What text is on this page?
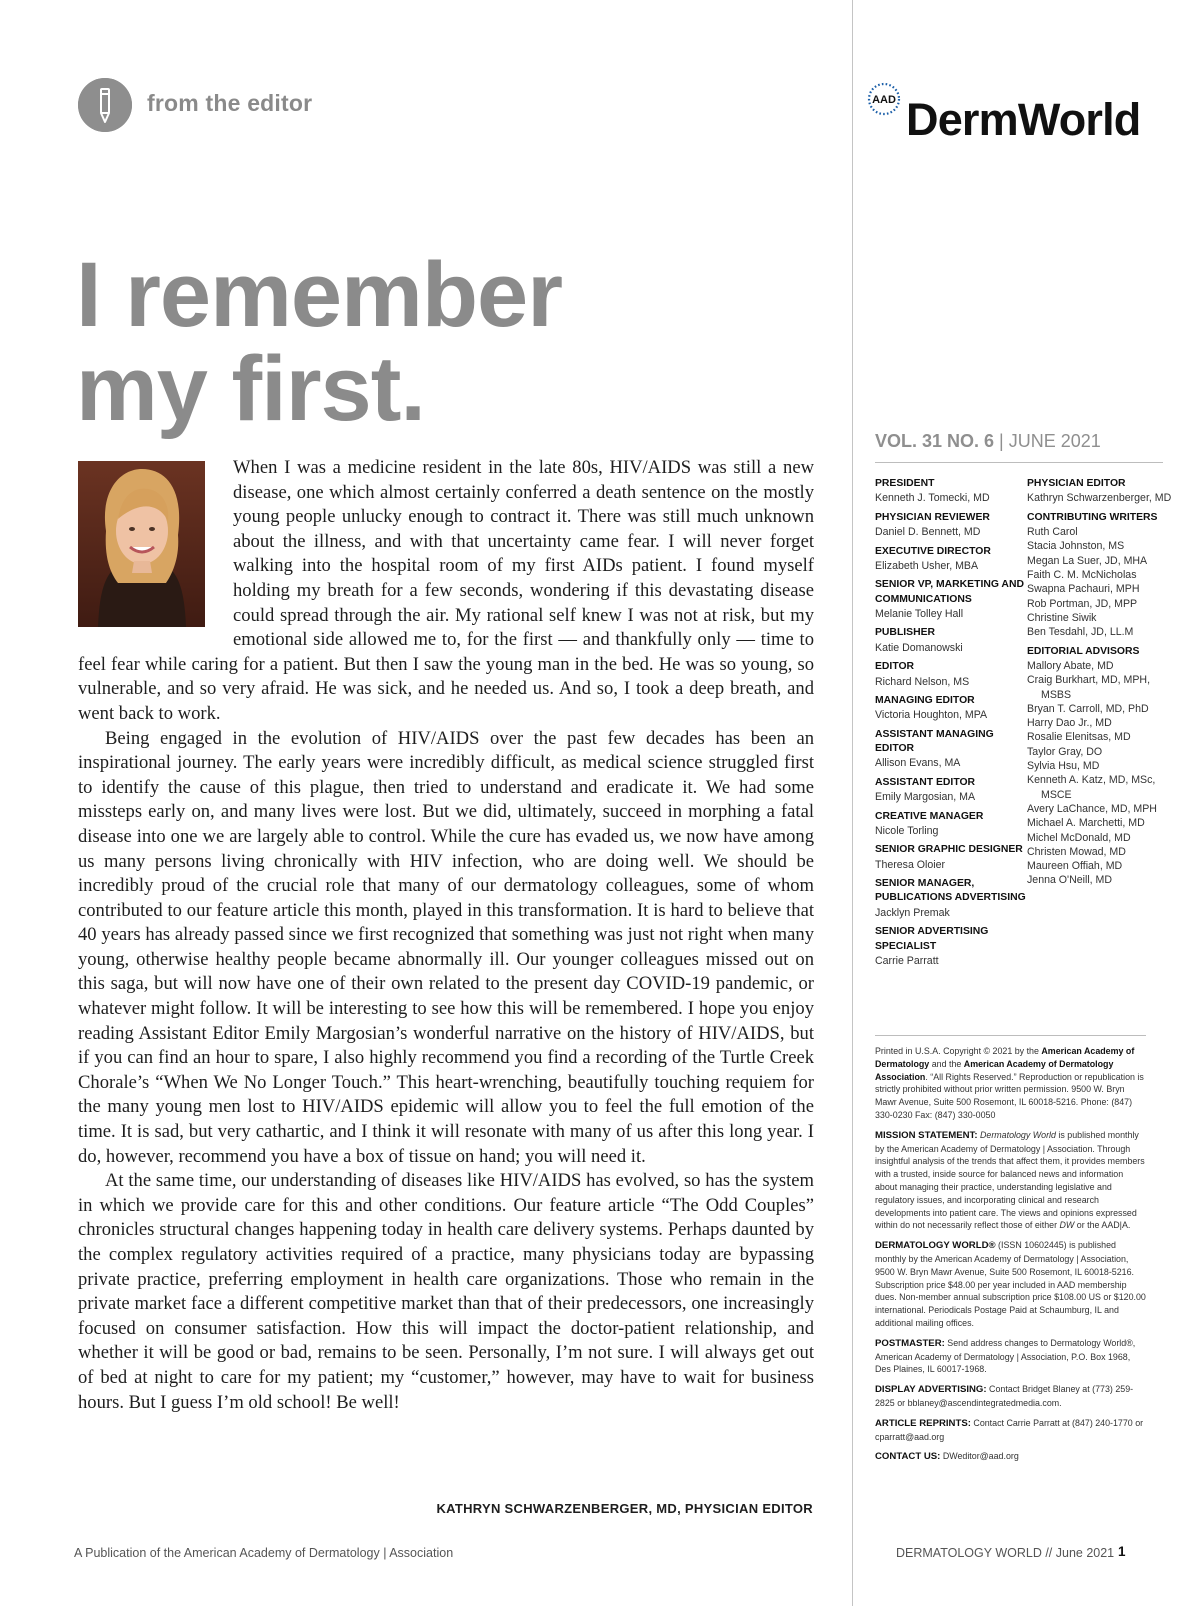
from the editor
I remember
my first.

When I was a medicine resident in the late 80s, HIV/AIDS was still a new disease, one which almost certainly conferred a death sentence on the mostly young people unlucky enough to contract it. There was still much unknown about the illness, and with that uncertainty came fear. I will never forget walking into the hospital room of my first AIDs patient. I found myself holding my breath for a few seconds, wondering if this devastating disease could spread through the air. My rational self knew I was not at risk, but my emotional side allowed me to, for the first — and thankfully only — time to feel fear while caring for a patient. But then I saw the young man in the bed. He was so young, so vulnerable, and so very afraid. He was sick, and he needed us. And so, I took a deep breath, and went back to work.

Being engaged in the evolution of HIV/AIDS over the past few decades has been an inspirational journey. The early years were incredibly difficult, as medical science struggled first to identify the cause of this plague, then tried to understand and eradicate it. We had some missteps early on, and many lives were lost. But we did, ultimately, succeed in morphing a fatal disease into one we are largely able to control. While the cure has evaded us, we now have among us many persons living chronically with HIV infection, who are doing well. We should be incredibly proud of the crucial role that many of our dermatology colleagues, some of whom contributed to our feature article this month, played in this transformation. It is hard to believe that 40 years has already passed since we first recognized that something was just not right when many young, otherwise healthy people became abnormally ill. Our younger colleagues missed out on this saga, but will now have one of their own related to the present day COVID-19 pandemic, or whatever might follow. It will be interesting to see how this will be remembered. I hope you enjoy reading Assistant Editor Emily Margosian’s wonderful narrative on the history of HIV/AIDS, but if you can find an hour to spare, I also highly recommend you find a recording of the Turtle Creek Chorale’s “When We No Longer Touch.” This heart-wrenching, beautifully touching requiem for the many young men lost to HIV/AIDS epidemic will allow you to feel the full emotion of the time. It is sad, but very cathartic, and I think it will resonate with many of us after this long year. I do, however, recommend you have a box of tissue on hand; you will need it.

At the same time, our understanding of diseases like HIV/AIDS has evolved, so has the system in which we provide care for this and other conditions. Our feature article “The Odd Couples” chronicles structural changes happening today in health care delivery systems. Perhaps daunted by the complex regulatory activities required of a practice, many physicians today are bypassing private practice, preferring employment in health care organizations. Those who remain in the private market face a different competitive market than that of their predecessors, one increasingly focused on consumer satisfaction. How this will impact the doctor-patient relationship, and whether it will be good or bad, remains to be seen. Personally, I’m not sure. I will always get out of bed at night to care for my patient; my “customer,” however, may have to wait for business hours. But I guess I’m old school! Be well!

KATHRYN SCHWARZENBERGER, MD, PHYSICIAN EDITOR
A Publication of the American Academy of Dermatology | Association
AAD DermWorld
VOL. 31 NO. 6 | JUNE 2021
PRESIDENT
Kenneth J. Tomecki, MD
PHYSICIAN REVIEWER
Daniel D. Bennett, MD
EXECUTIVE DIRECTOR
Elizabeth Usher, MBA
SENIOR VP, MARKETING AND COMMUNICATIONS
Melanie Tolley Hall
PUBLISHER
Katie Domanowski
EDITOR
Richard Nelson, MS
MANAGING EDITOR
Victoria Houghton, MPA
ASSISTANT MANAGING EDITOR
Allison Evans, MA
ASSISTANT EDITOR
Emily Margosian, MA
CREATIVE MANAGER
Nicole Torling
SENIOR GRAPHIC DESIGNER
Theresa Oloier
SENIOR MANAGER, PUBLICATIONS ADVERTISING
Jacklyn Premak
SENIOR ADVERTISING SPECIALIST
Carrie Parratt
PHYSICIAN EDITOR
Kathryn Schwarzenberger, MD
CONTRIBUTING WRITERS
Ruth Carol
Stacia Johnston, MS
Megan La Suer, JD, MHA
Faith C. M. McNicholas
Swapna Pachauri, MPH
Rob Portman, JD, MPP
Christine Siwik
Ben Tesdahl, JD, LL.M
EDITORIAL ADVISORS
Mallory Abate, MD
Craig Burkhart, MD, MPH, MSBS
Bryan T. Carroll, MD, PhD
Harry Dao Jr., MD
Rosalie Elenitsas, MD
Taylor Gray, DO
Sylvia Hsu, MD
Kenneth A. Katz, MD, MSc, MSCE
Avery LaChance, MD, MPH
Michael A. Marchetti, MD
Michel McDonald, MD
Christen Mowad, MD
Maureen Offiah, MD
Jenna O'Neill, MD

Printed in U.S.A. Copyright © 2021 by the American Academy of Dermatology and the American Academy of Dermatology Association. “All Rights Reserved.” Reproduction or republication is strictly prohibited without prior written permission. 9500 W. Bryn Mawr Avenue, Suite 500 Rosemont, IL 60018-5216. Phone: (847) 330-0230 Fax: (847) 330-0050

MISSION STATEMENT: Dermatology World is published monthly by the American Academy of Dermatology | Association. Through insightful analysis of the trends that affect them, it provides members with a trusted, inside source for balanced news and information about managing their practice, understanding legislative and regulatory issues, and incorporating clinical and research developments into patient care. The views and opinions expressed within do not necessarily reflect those of either DW or the AAD|A.

DERMATOLOGY WORLD® (ISSN 10602445) is published monthly by the American Academy of Dermatology | Association, 9500 W. Bryn Mawr Avenue, Suite 500 Rosemont, IL 60018-5216. Subscription price $48.00 per year included in AAD membership dues. Non-member annual subscription price $108.00 US or $120.00 international. Periodicals Postage Paid at Schaumburg, IL and additional mailing offices.

POSTMASTER: Send address changes to Dermatology World®, American Academy of Dermatology | Association, P.O. Box 1968, Des Plaines, IL 60017-1968.

DISPLAY ADVERTISING: Contact Bridget Blaney at (773) 259-2825 or bblaney@ascendintegratedmedia.com.

ARTICLE REPRINTS: Contact Carrie Parratt at (847) 240-1770 or cparratt@aad.org

CONTACT US: DWeditor@aad.org

DERMATOLOGY WORLD // June 2021 1
